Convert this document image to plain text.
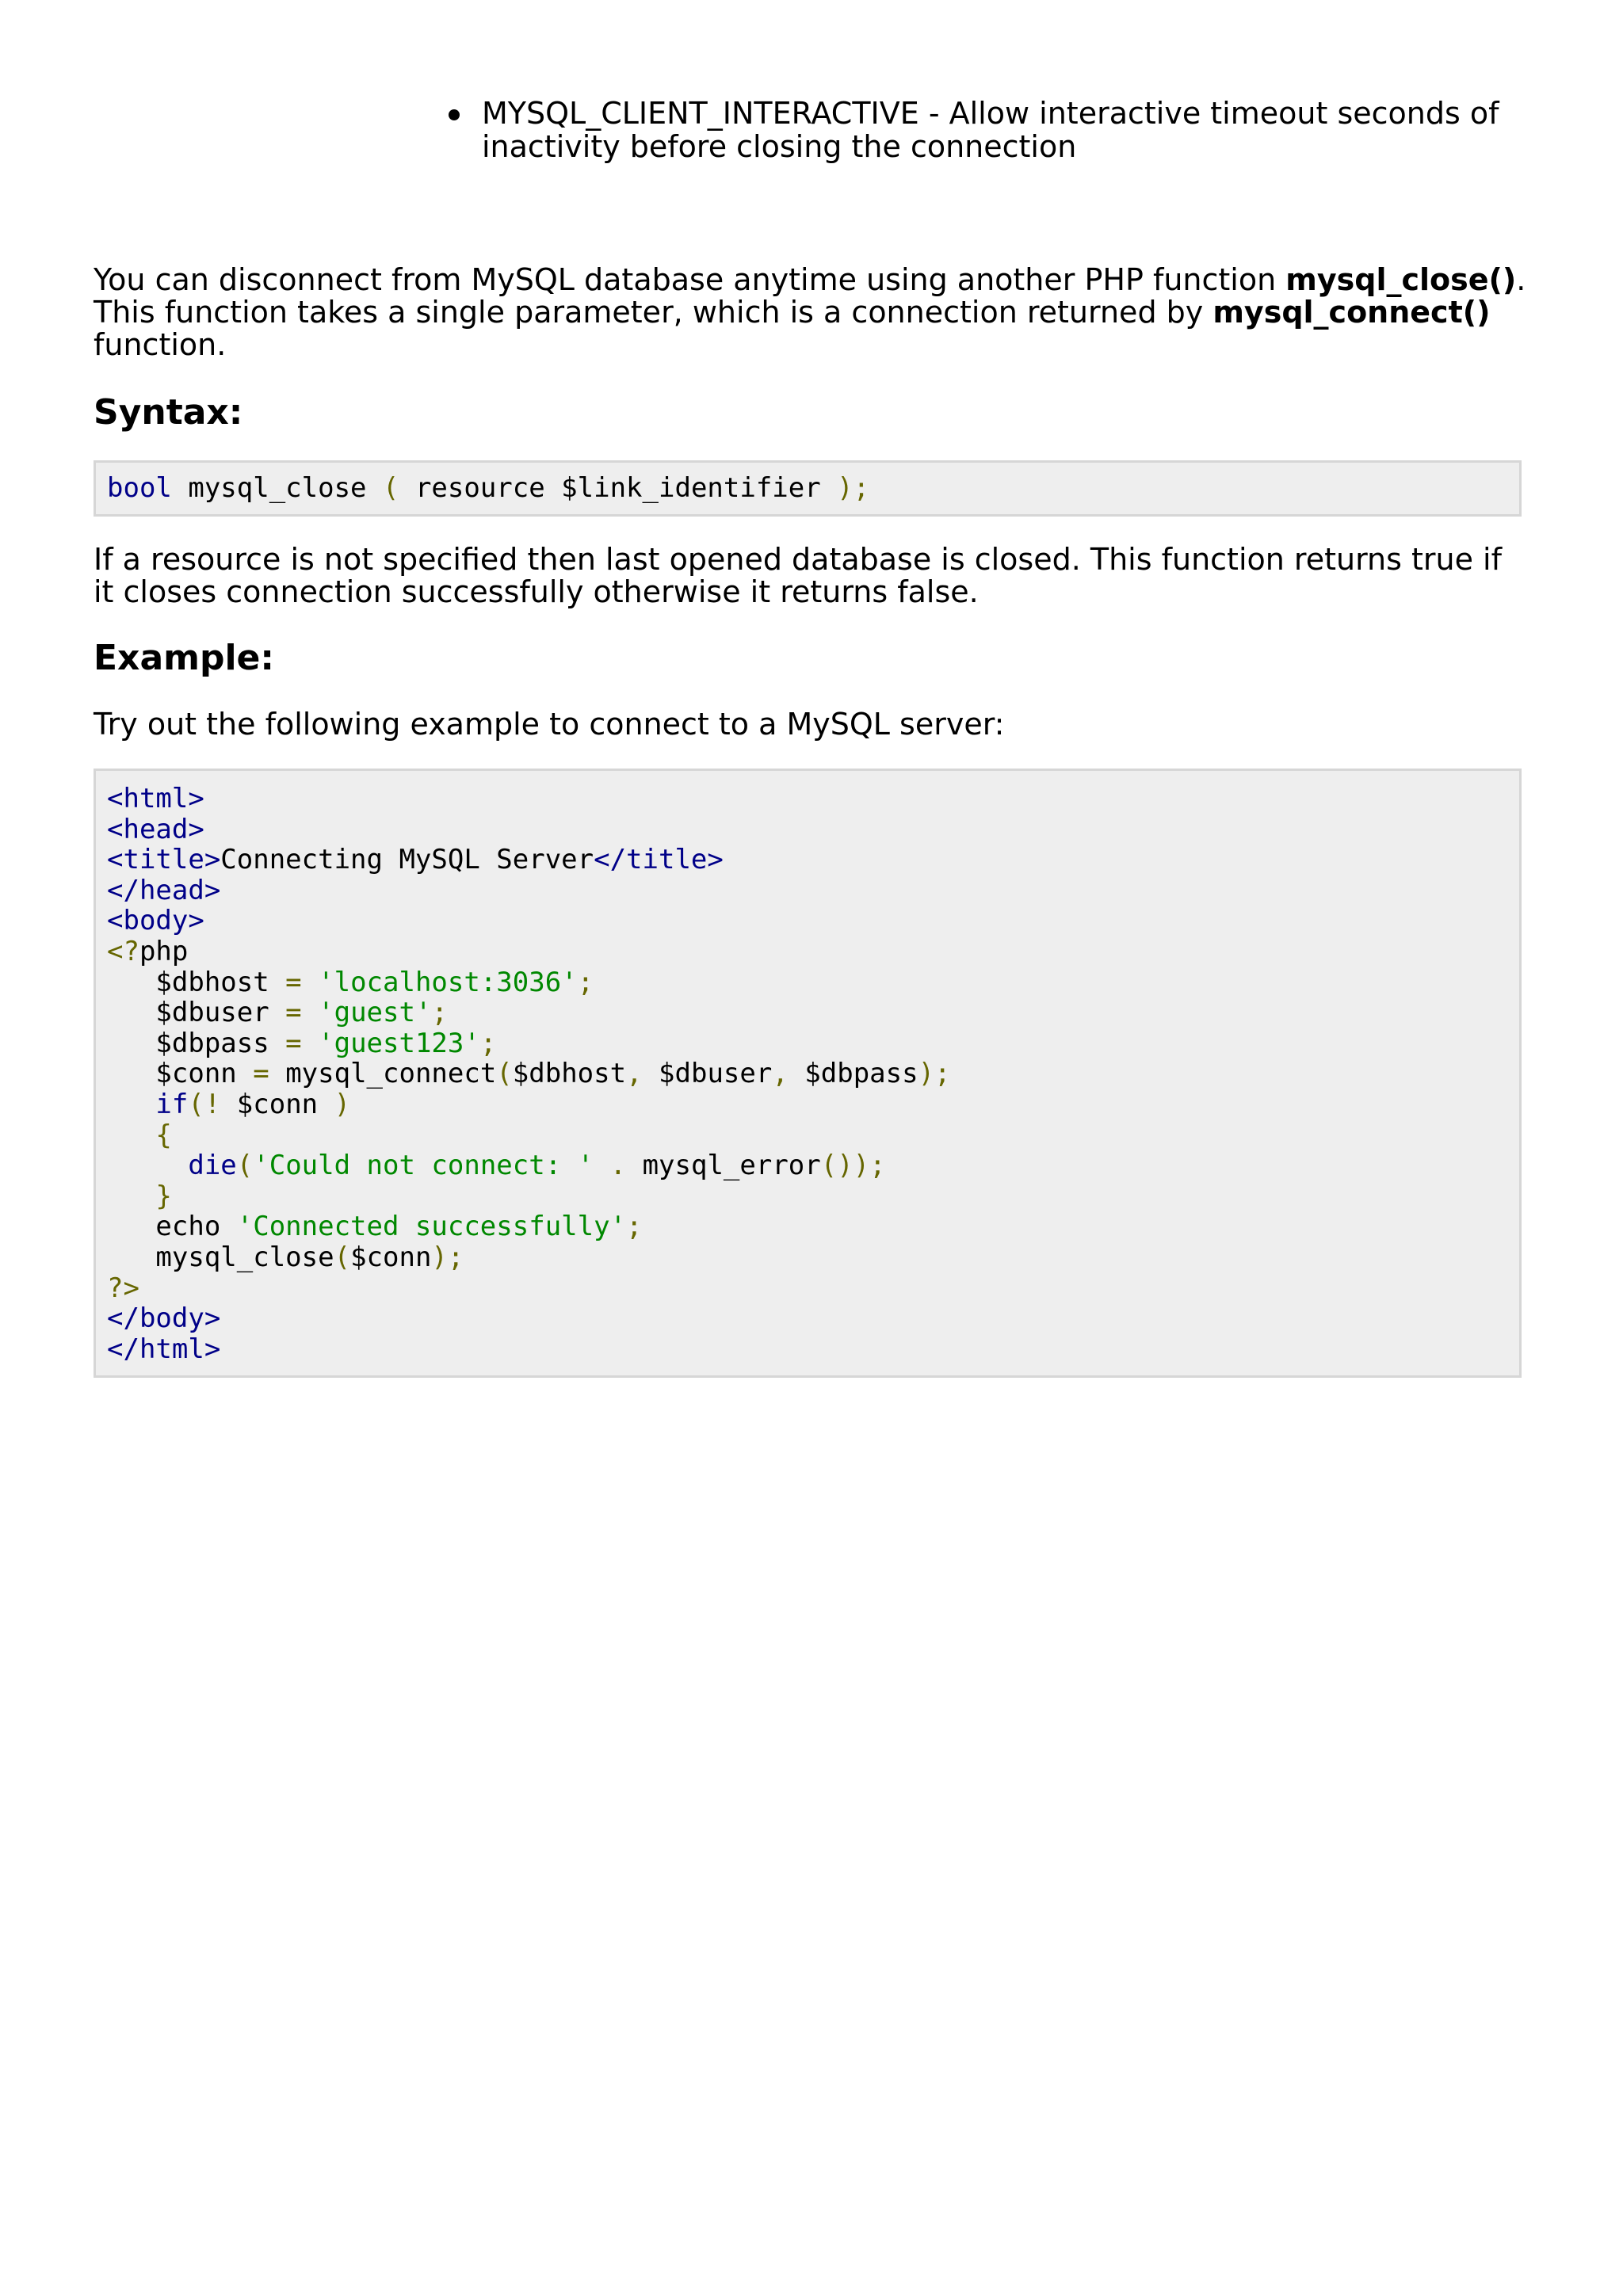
MYSQL_CLIENT_INTERACTIVE - Allow interactive timeout seconds of inactivity before closing the connection

You can disconnect from MySQL database anytime using another PHP function mysql_close(). This function takes a single parameter, which is a connection returned by mysql_connect() function.

Syntax:
bool mysql_close ( resource $link_identifier );

If a resource is not specified then last opened database is closed. This function returns true if it closes connection successfully otherwise it returns false.

Example:

Try out the following example to connect to a MySQL server:

<html>
<head>
<title>Connecting MySQL Server</title>
</head>
<body>
<?php
$dbhost = 'localhost:3036';
$dbuser = 'guest';
$dbpass = 'guest123';
$conn = mysql_connect($dbhost, $dbuser, $dbpass);
if(! $conn )
{
die('Could not connect: ' . mysql_error());
}
echo 'Connected successfully';
mysql_close($conn);
?>
</body>
</html>
